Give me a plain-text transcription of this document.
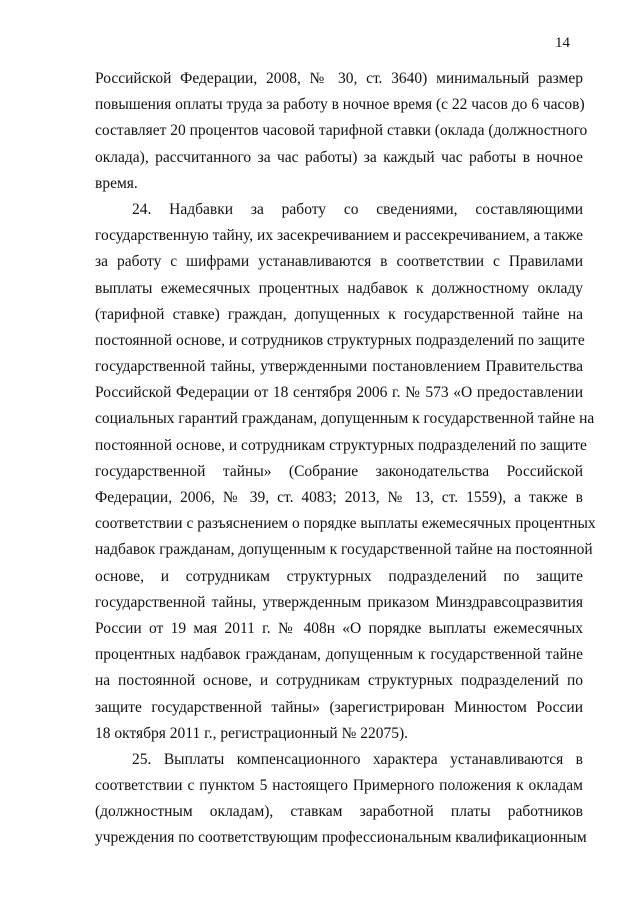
14
Российской Федерации, 2008, № 30, ст. 3640) минимальный размер
повышения оплаты труда за работу в ночное время (с 22 часов до 6 часов)
составляет 20 процентов часовой тарифной ставки (оклада (должностного
оклада), рассчитанного за час работы) за каждый час работы в ночное
время.
24. Надбавки за работу со сведениями, составляющими
государственную тайну, их засекречиванием и рассекречиванием, а также
за работу с шифрами устанавливаются в соответствии с Правилами
выплаты ежемесячных процентных надбавок к должностному окладу
(тарифной ставке) граждан, допущенных к государственной тайне на
постоянной основе, и сотрудников структурных подразделений по защите
государственной тайны, утвержденными постановлением Правительства
Российской Федерации от 18 сентября 2006 г. № 573 «О предоставлении
социальных гарантий гражданам, допущенным к государственной тайне на
постоянной основе, и сотрудникам структурных подразделений по защите
государственной тайны» (Собрание законодательства Российской
Федерации, 2006, № 39, ст. 4083; 2013, № 13, ст. 1559), а также в
соответствии с разъяснением о порядке выплаты ежемесячных процентных
надбавок гражданам, допущенным к государственной тайне на постоянной
основе, и сотрудникам структурных подразделений по защите
государственной тайны, утвержденным приказом Минздравсоцразвития
России от 19 мая 2011 г. № 408н «О порядке выплаты ежемесячных
процентных надбавок гражданам, допущенным к государственной тайне
на постоянной основе, и сотрудникам структурных подразделений по
защите государственной тайны» (зарегистрирован Минюстом России
18 октября 2011 г., регистрационный № 22075).
25. Выплаты компенсационного характера устанавливаются в
соответствии с пунктом 5 настоящего Примерного положения к окладам
(должностным окладам), ставкам заработной платы работников
учреждения по соответствующим профессиональным квалификационным
